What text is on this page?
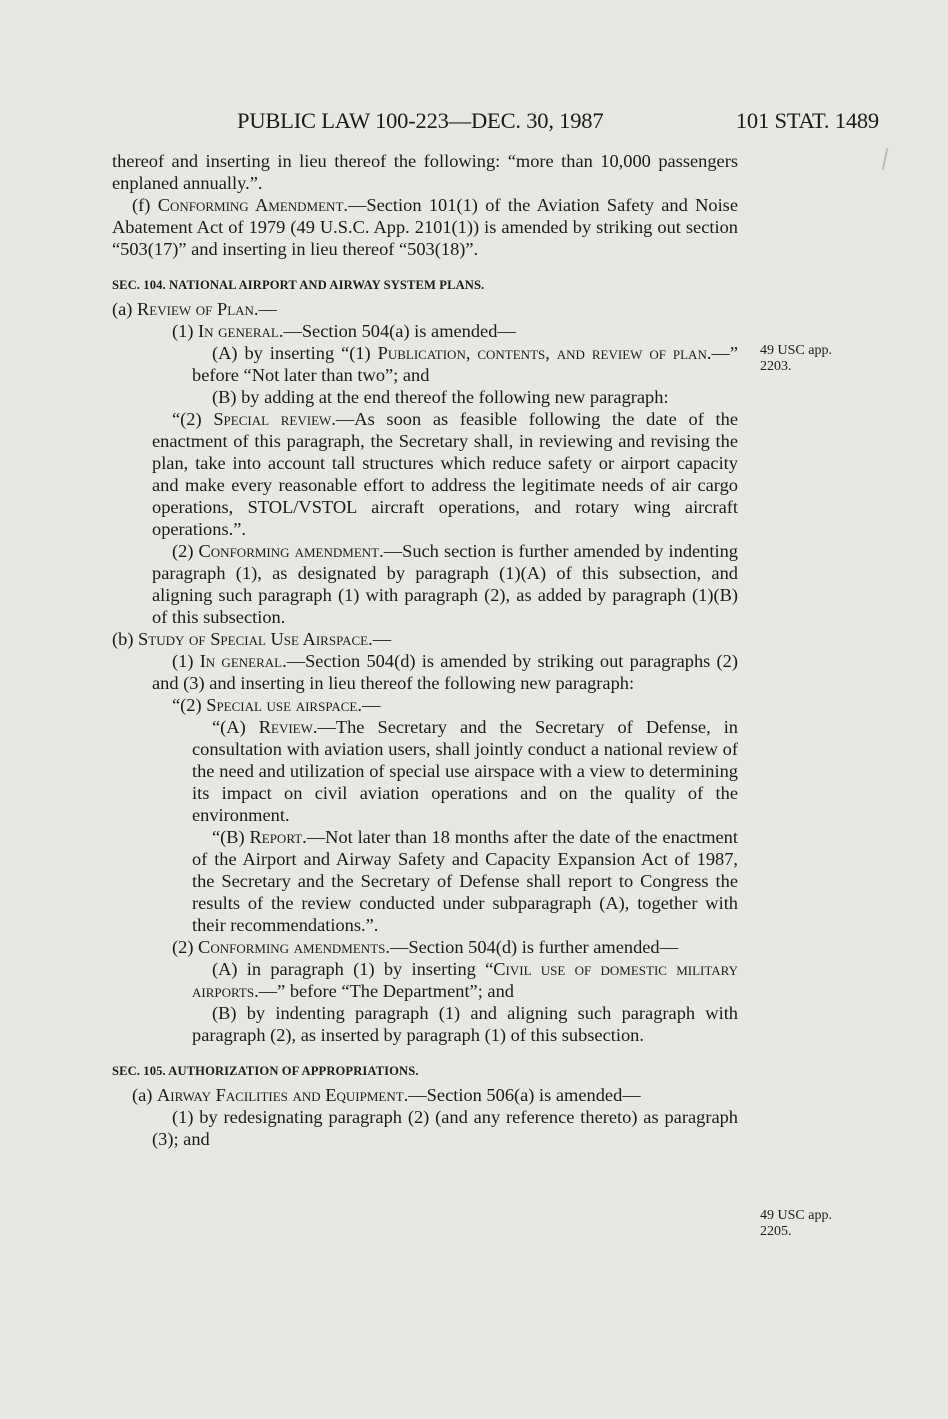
PUBLIC LAW 100-223—DEC. 30, 1987	101 STAT. 1489
49 USC app.
2203.
49 USC app.
2205.

thereof and inserting in lieu thereof the following: “more than 10,000 passengers enplaned annually.”.

(f) Conforming Amendment.—Section 101(1) of the Aviation Safety and Noise Abatement Act of 1979 (49 U.S.C. App. 2101(1)) is amended by striking out section “503(17)” and inserting in lieu thereof “503(18)”.

SEC. 104. NATIONAL AIRPORT AND AIRWAY SYSTEM PLANS.

(a) Review of Plan.—

(1) In general.—Section 504(a) is amended—

(A) by inserting “(1) Publication, contents, and review of plan.—” before “Not later than two”; and

(B) by adding at the end thereof the following new paragraph:

“(2) Special review.—As soon as feasible following the date of the enactment of this paragraph, the Secretary shall, in reviewing and revising the plan, take into account tall structures which reduce safety or airport capacity and make every reasonable effort to address the legitimate needs of air cargo operations, STOL/VSTOL aircraft operations, and rotary wing aircraft operations.”.

(2) Conforming amendment.—Such section is further amended by indenting paragraph (1), as designated by paragraph (1)(A) of this subsection, and aligning such paragraph (1) with paragraph (2), as added by paragraph (1)(B) of this subsection.

(b) Study of Special Use Airspace.—

(1) In general.—Section 504(d) is amended by striking out paragraphs (2) and (3) and inserting in lieu thereof the following new paragraph:

“(2) Special use airspace.—

“(A) Review.—The Secretary and the Secretary of Defense, in consultation with aviation users, shall jointly conduct a national review of the need and utilization of special use airspace with a view to determining its impact on civil aviation operations and on the quality of the environment.

“(B) Report.—Not later than 18 months after the date of the enactment of the Airport and Airway Safety and Capacity Expansion Act of 1987, the Secretary and the Secretary of Defense shall report to Congress the results of the review conducted under subparagraph (A), together with their recommendations.”.

(2) Conforming amendments.—Section 504(d) is further amended—

(A) in paragraph (1) by inserting “Civil use of domestic military airports.—” before “The Department”; and

(B) by indenting paragraph (1) and aligning such paragraph with paragraph (2), as inserted by paragraph (1) of this subsection.

SEC. 105. AUTHORIZATION OF APPROPRIATIONS.

(a) Airway Facilities and Equipment.—Section 506(a) is amended—

(1) by redesignating paragraph (2) (and any reference thereto) as paragraph (3); and
